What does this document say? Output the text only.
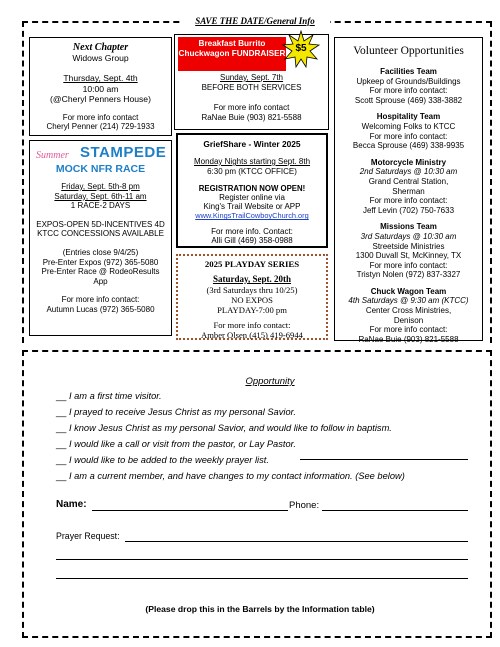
SAVE THE DATE/General Info
Next Chapter
Widows Group
Thursday, Sept. 4th
10:00 am
(@Cheryl Penners House)
For more info contact
Cheryl Penner (214) 729-1933
Breakfast Burrito Chuckwagon FUNDRAISER $5
Sunday, Sept. 7th
BEFORE BOTH SERVICES
For more info contact
RaNae Buie (903) 821-5588
Summer STAMPEDE
MOCK NFR RACE
Friday, Sept. 5th-8 pm
Saturday, Sept. 6th-11 am
1 RACE-2 DAYS
EXPOS-OPEN 5D-INCENTIVES 4D
KTCC CONCESSIONS AVAILABLE
(Entries close 9/4/25)
Pre-Enter Expos (972) 365-5080
Pre-Enter Race @ RodeoResults
App
For more info contact:
Autumn Lucas (972) 365-5080
GriefShare - Winter 2025
Monday Nights starting Sept. 8th
6:30 pm (KTCC OFFICE)
REGISTRATION NOW OPEN!
Register online via
King's Trail Website or APP
www.KingsTrailCowboyChurch.org
For more info. Contact:
Alli Gill (469) 358-0988
2025 PLAYDAY SERIES
Saturday, Sept. 20th
(3rd Saturdays thru 10/25)
NO EXPOS
PLAYDAY-7:00 pm
For more info contact:
Amber Olsen (415) 419-6944
Volunteer Opportunities
Facilities Team
Upkeep of Grounds/Buildings
For more info contact:
Scott Sprouse (469) 338-3882
Hospitality Team
Welcoming Folks to KTCC
For more info contact:
Becca Sprouse (469) 338-9935
Motorcycle Ministry
2nd Saturdays @ 10:30 am
Grand Central Station,
Sherman
For more info contact:
Jeff Levin (702) 750-7633
Missions Team
3rd Saturdays @ 10:30 am
Streetside Ministries
1300 Duvall St, McKinney, TX
For more info contact:
Tristyn Nolen (972) 837-3327
Chuck Wagon Team
4th Saturdays @ 9:30 am (KTCC)
Center Cross Ministries,
Denison
For more info contact:
RaNae Buie (903) 821-5588
Opportunity
__ I am a first time visitor.
__ I prayed to receive Jesus Christ as my personal Savior.
__ I know Jesus Christ as my personal Savior, and would like to follow in baptism.
__ I would like a call or visit from the pastor, or Lay Pastor.
__ I would like to be added to the weekly prayer list.
__ I am a current member, and have changes to my contact information. (See below)
Name:	Phone:
Prayer Request:
(Please drop this in the Barrels by the Information table)
